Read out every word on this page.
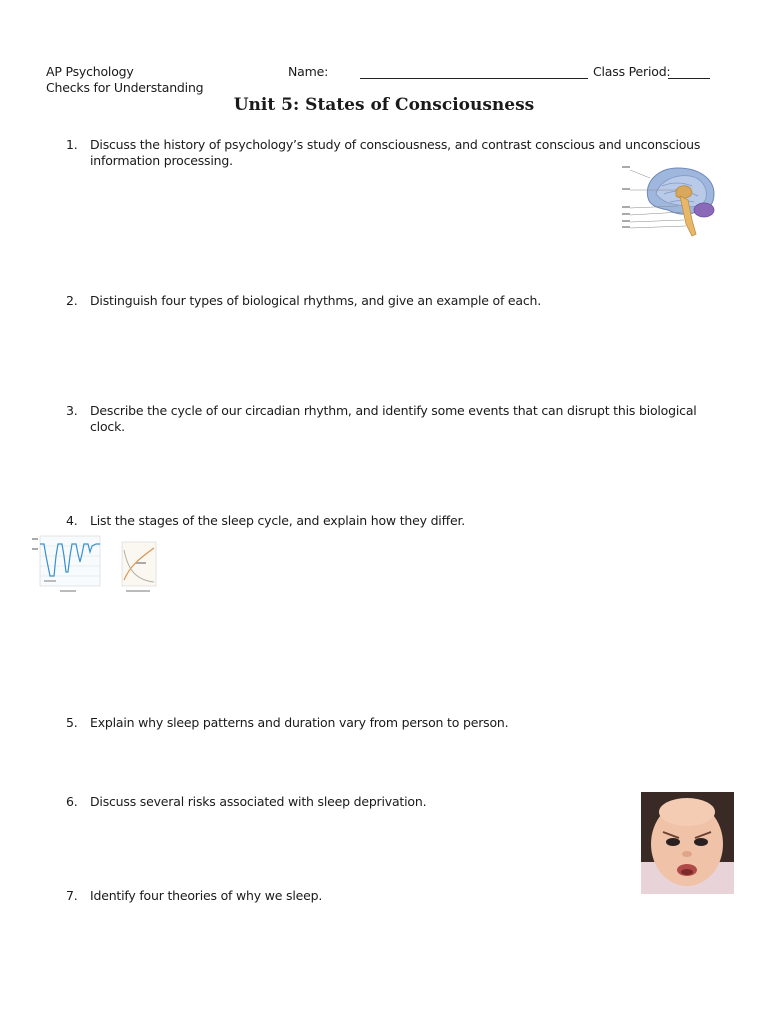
AP Psychology
Checks for Understanding
Name:	Class Period:
Unit 5: States of Consciousness
1. Discuss the history of psychology’s study of consciousness, and contrast conscious and unconscious information processing.
2. Distinguish four types of biological rhythms, and give an example of each.
3. Describe the cycle of our circadian rhythm, and identify some events that can disrupt this biological clock.
4. List the stages of the sleep cycle, and explain how they differ.
5. Explain why sleep patterns and duration vary from person to person.
6. Discuss several risks associated with sleep deprivation.
7. Identify four theories of why we sleep.
